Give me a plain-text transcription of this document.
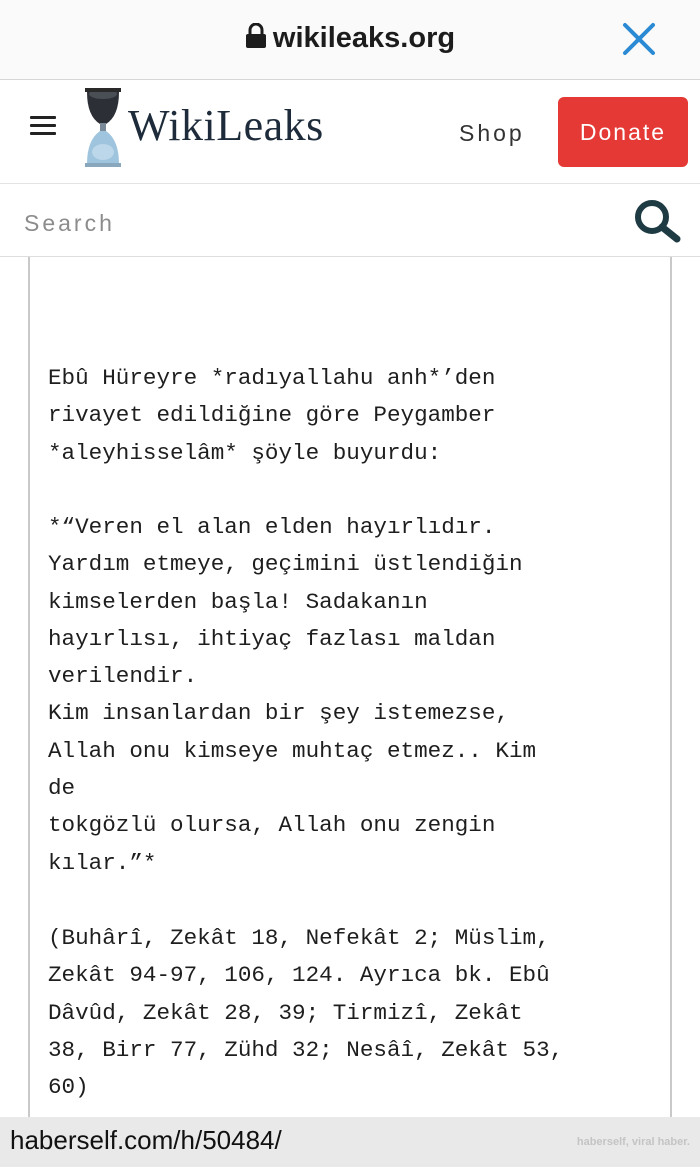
wikileaks.org
WikiLeaks	Shop	Donate
Search
Ebû Hüreyre *radıyallahu anh*’den
rivayet edildiğine göre Peygamber
*aleyhisselâm* şöyle buyurdu:
*“Veren el alan elden hayırlıdır.
Yardım etmeye, geçimini üstlendiğin
kimselerden başla! Sadakanın
hayırlısı, ihtiyaç fazlası maldan
verilendir.
Kim insanlardan bir şey istemezse,
Allah onu kimseye muhtaç etmez.. Kim
de
tokgözlü olursa, Allah onu zengin
kılar.”*
(Buhârî, Zekât 18, Nefekât 2; Müslim,
Zekât 94-97, 106, 124. Ayrıca bk. Ebû
Dâvûd, Zekât 28, 39; Tirmizî, Zekât
38, Birr 77, Zühd 32; Nesâî, Zekât 53,
60)
haberself.com/h/50484/	haberself, viral haber.
